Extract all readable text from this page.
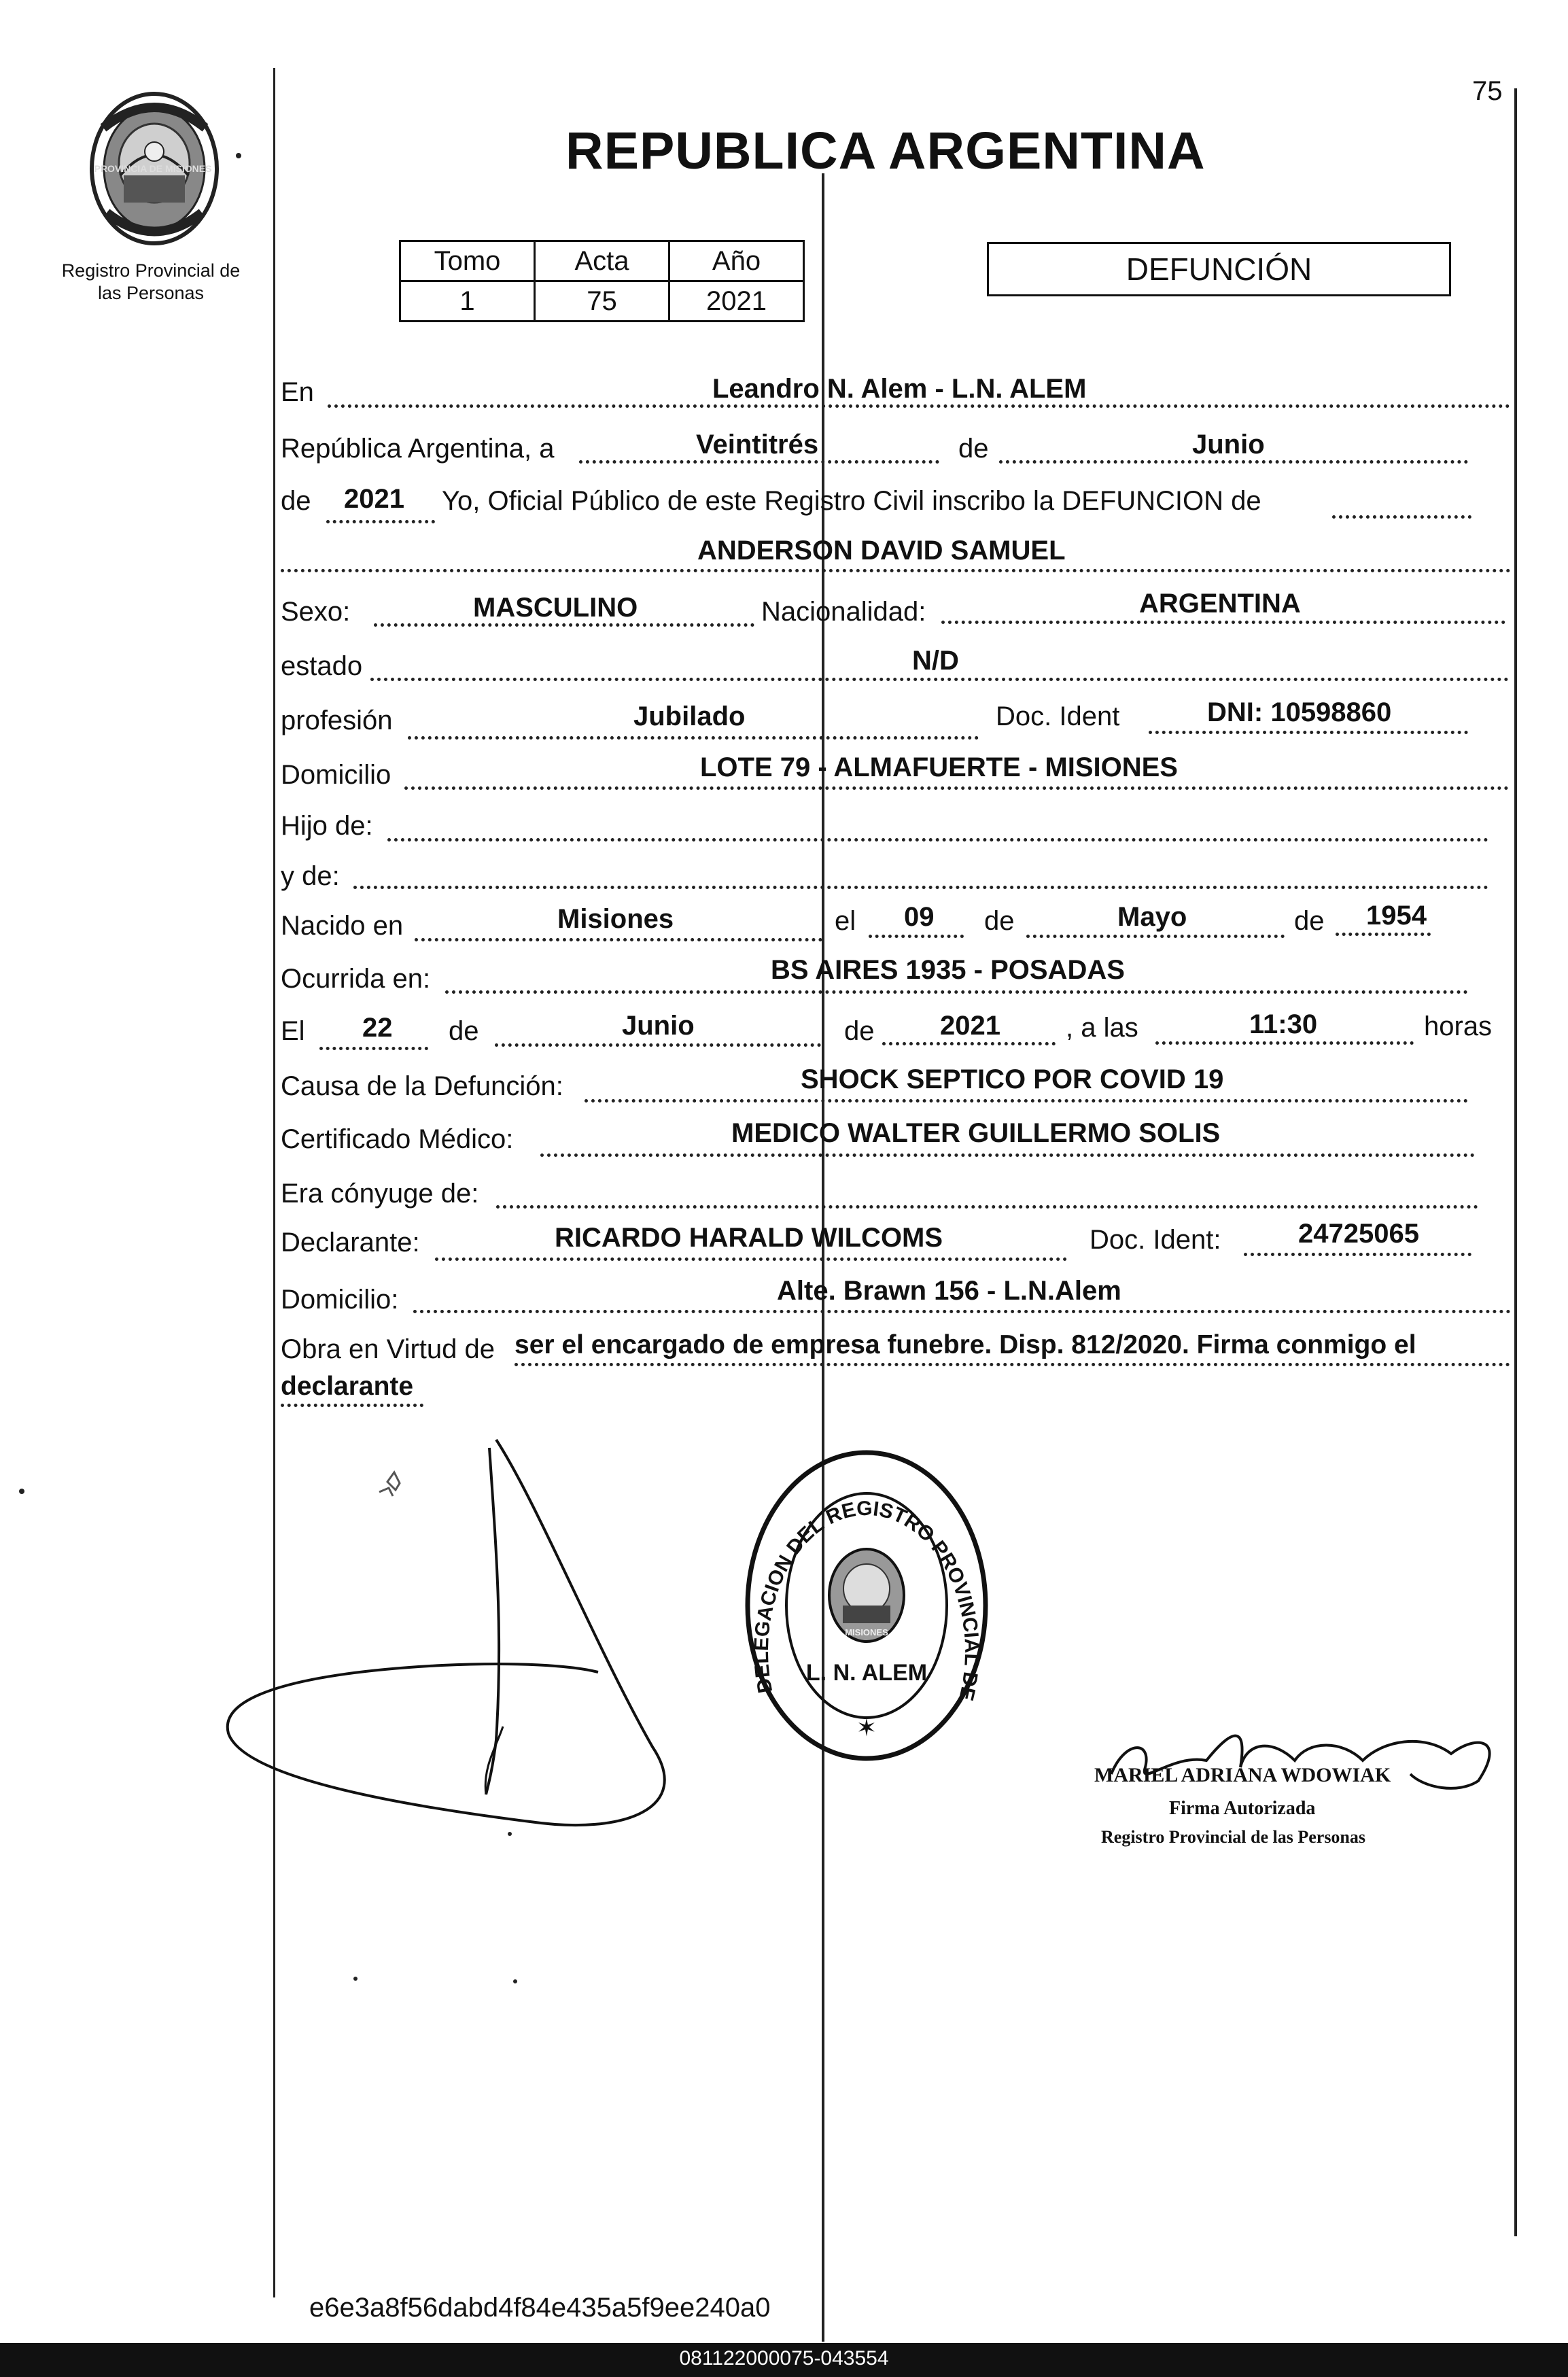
75
PROVINCIA DE MISIONES
Registro Provincial de
las Personas
REPUBLICA ARGENTINA
Tomo	Acta	Año
1	75	2021
DEFUNCIÓN
En	Leandro N. Alem - L.N. ALEM
República Argentina, a	Veintitrés	de	Junio
de 2021 Yo, Oficial Público de este Registro Civil inscribo la DEFUNCION de
ANDERSON DAVID SAMUEL
Sexo:	MASCULINO	Nacionalidad:	ARGENTINA
estado	N/D
profesión	Jubilado	Doc. Ident	DNI: 10598860
Domicilio	LOTE 79 - ALMAFUERTE - MISIONES
Hijo de:
y de:
Nacido en	Misiones	el 09 de	Mayo	de 1954
Ocurrida en:	BS AIRES 1935 - POSADAS
El 22 de	Junio	de 2021 , a las	11:30	horas
Causa de la Defunción:	SHOCK SEPTICO POR COVID 19
Certificado Médico:	MEDICO WALTER GUILLERMO SOLIS
Era cónyuge de:
Declarante:	RICARDO HARALD WILCOMS	Doc. Ident:	24725065
Domicilio:	Alte. Brawn 156 - L.N.Alem
Obra en Virtud de ser el encargado de empresa funebre. Disp. 812/2020. Firma conmigo el
declarante
DELEGACION DEL REGISTRO PROVINCIAL DE
MISIONES
L. N. ALEM
✶
MARIEL ADRIANA WDOWIAK
Firma Autorizada
Registro Provincial de las Personas
e6e3a8f56dabd4f84e435a5f9ee240a0
081122000075-043554
